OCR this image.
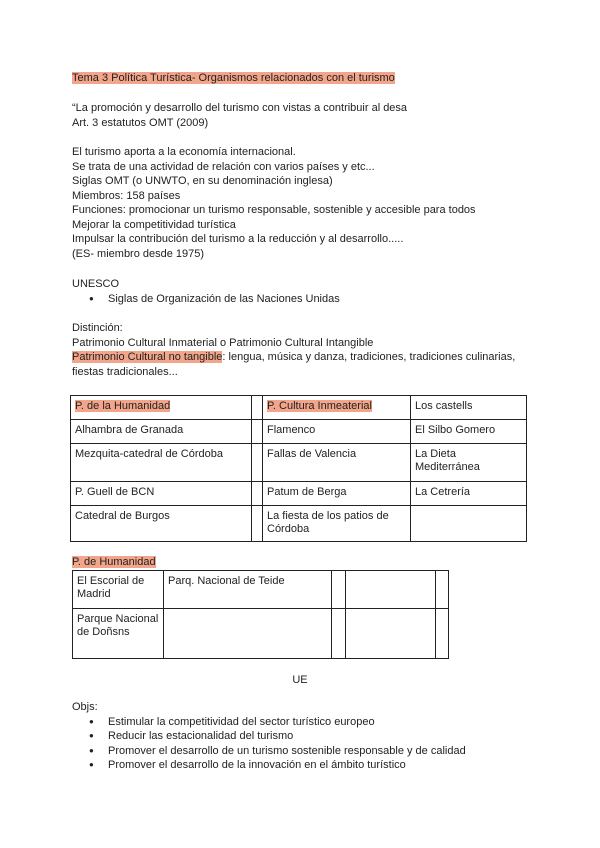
Tema 3 Política Turística- Organismos relacionados con el turismo
“La promoción y desarrollo del turismo con vistas a contribuir al desa
Art. 3 estatutos OMT (2009)
El turismo aporta a la economía internacional.
Se trata de una actividad de relación con varios países y etc...
Siglas OMT (o UNWTO, en su denominación inglesa)
Miembros: 158 países
Funciones: promocionar un turismo responsable, sostenible y accesible para todos
Mejorar la competitividad turística
Impulsar la contribución del turismo a la reducción y al desarrollo.....
(ES- miembro desde 1975)
UNESCO
● Siglas de Organización de las Naciones Unidas
Distinción:
Patrimonio Cultural Inmaterial o Patrimonio Cultural Intangible
Patrimonio Cultural no tangible: lengua, música y danza, tradiciones, tradiciones culinarias,
fiestas tradicionales...
P. de la Humanidad		P. Cultura Inmeaterial	Los castells
Alhambra de Granada		Flamenco	El Silbo Gomero
Mezquita-catedral de Córdoba		Fallas de Valencia	La Dieta Mediterránea
P. Guell de BCN		Patum de Berga	La Cetrería
Catedral de Burgos		La fiesta de los patios de Córdoba	
P. de Humanidad
El Escorial de Madrid	Parq. Nacional de Teide			
Parque Nacional de Doñsns				
UE
Objs:
● Estimular la competitividad del sector turístico europeo
● Reducir las estacionalidad del turismo
● Promover el desarrollo de un turismo sostenible responsable y de calidad
● Promover el desarrollo de la innovación en el ámbito turístico
